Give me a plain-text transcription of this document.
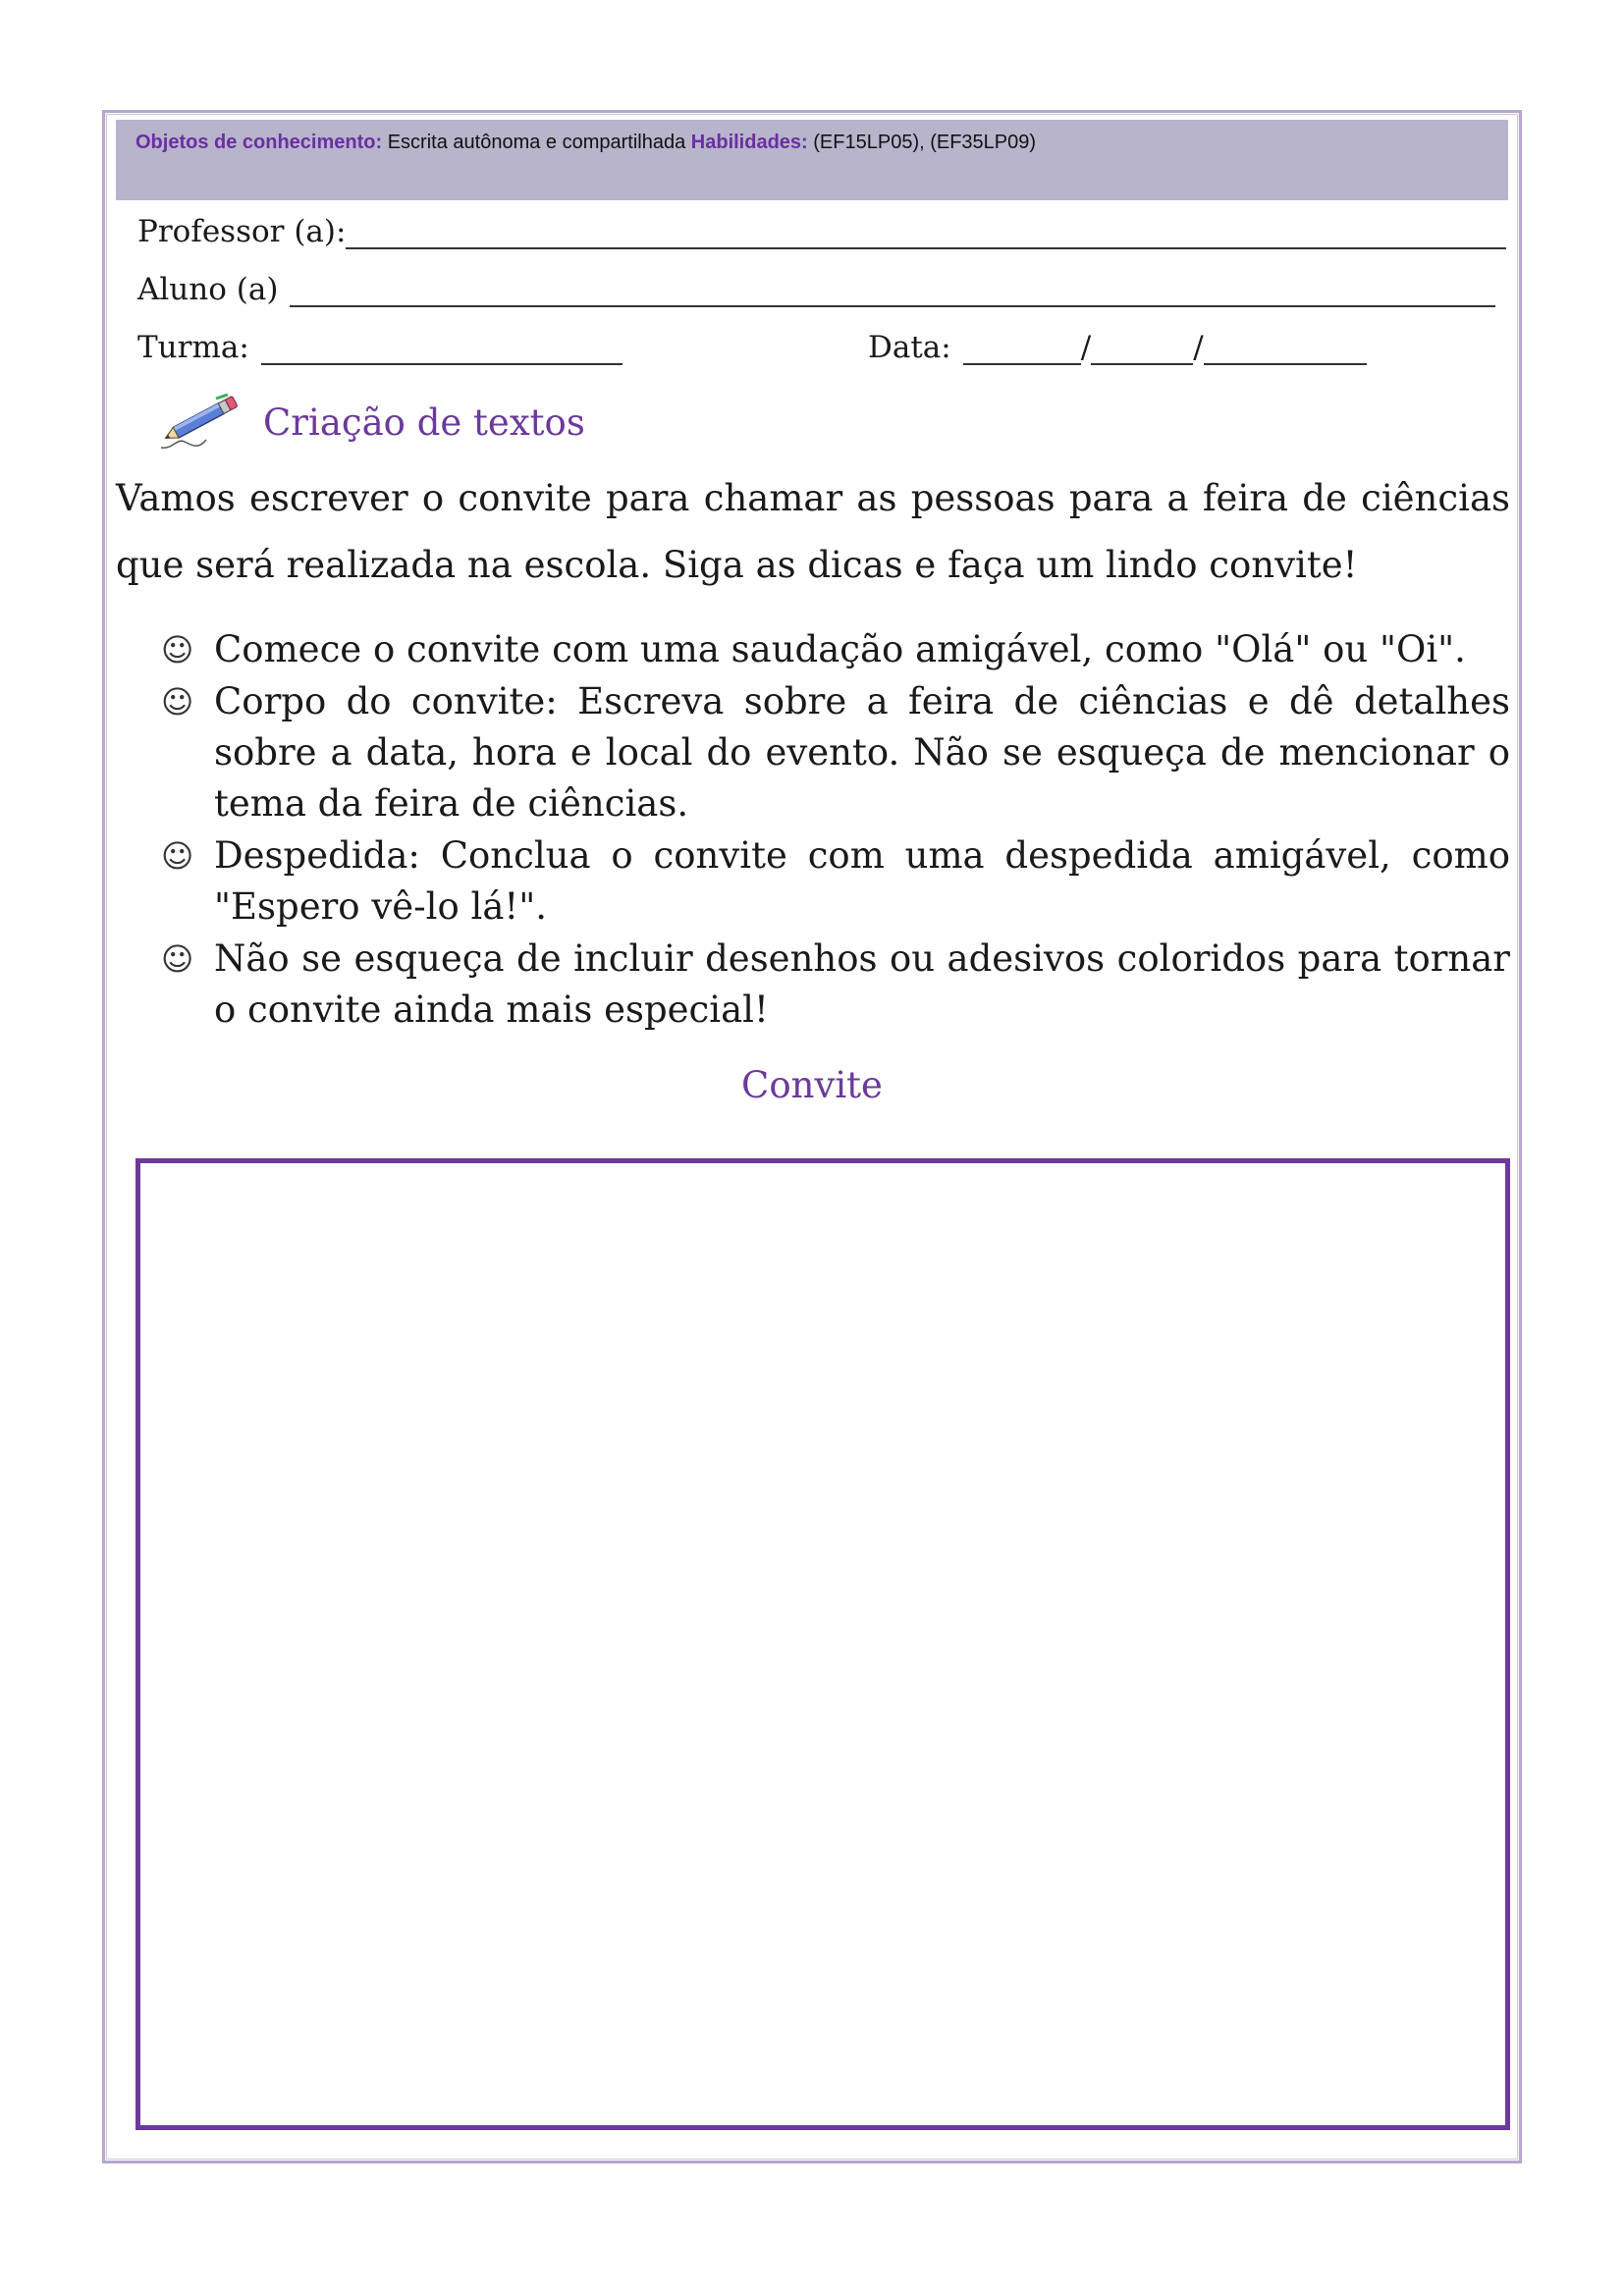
Objetos de conhecimento: Escrita autônoma e compartilhada Habilidades: (EF15LP05), (EF35LP09)
Professor (a):
Aluno (a)
Turma:	Data:	/	/
Criação de textos
Vamos escrever o convite para chamar as pessoas para a feira de ciências que será realizada na escola. Siga as dicas e faça um lindo convite!
☺ Comece o convite com uma saudação amigável, como "Olá" ou "Oi".
☺ Corpo do convite: Escreva sobre a feira de ciências e dê detalhes sobre a data, hora e local do evento. Não se esqueça de mencionar o tema da feira de ciências.
☺ Despedida: Conclua o convite com uma despedida amigável, como "Espero vê-lo lá!".
☺ Não se esqueça de incluir desenhos ou adesivos coloridos para tornar o convite ainda mais especial!
Convite
